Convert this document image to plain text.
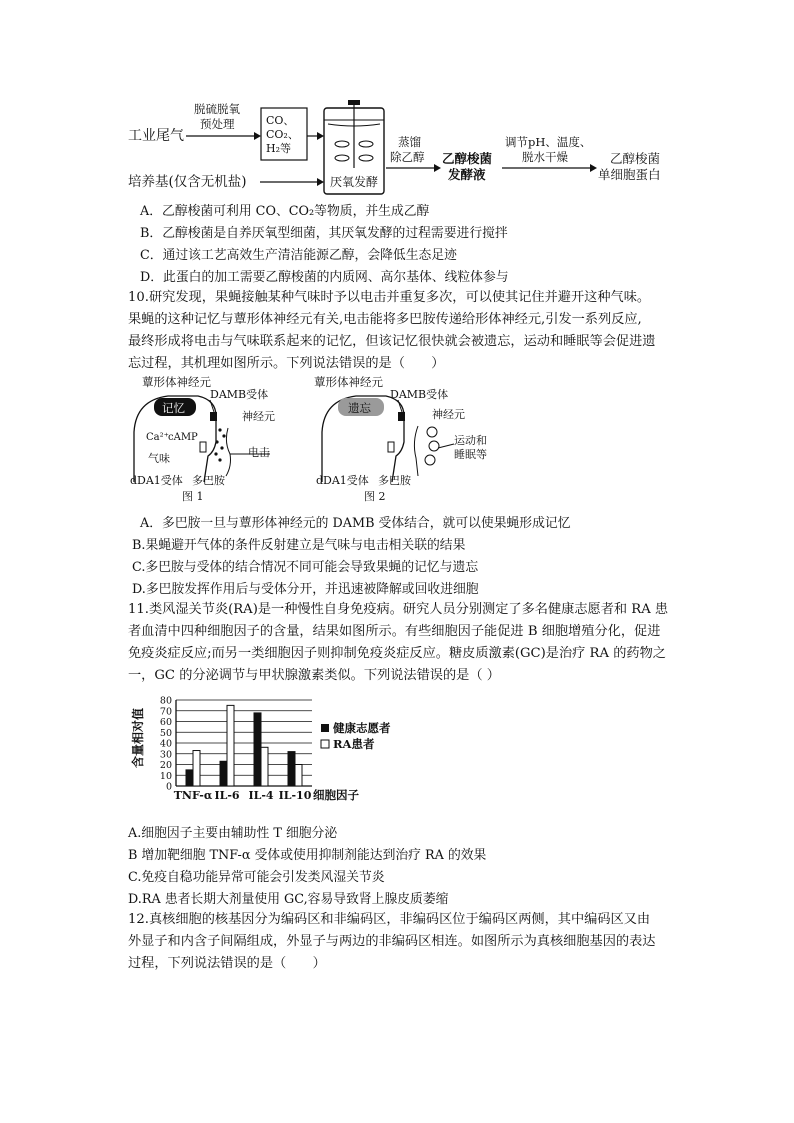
工业尾气
脱硫脱氧
预处理	CO、
CO₂、
H₂等
厌氧发酵
培养基(仅含无机盐)
蒸馏
除乙醇 乙醇梭菌
发酵液
调节pH、温度、
脱水干燥	乙醇梭菌
单细胞蛋白
A．乙醇梭菌可利用 CO、CO₂等物质，并生成乙醇
B．乙醇梭菌是自养厌氧型细菌，其厌氧发酵的过程需要进行搅拌
C．通过该工艺高效生产清洁能源乙醇，会降低生态足迹
D．此蛋白的加工需要乙醇梭菌的内质网、高尔基体、线粒体参与
10.研究发现，果蝇接触某种气味时予以电击并重复多次，可以使其记住并避开这种气味。
果蝇的这种记忆与蕈形体神经元有关,电击能将多巴胺传递给形体神经元,引发一系列反应,
最终形成将电击与气味联系起来的记忆，但该记忆很快就会被遗忘，运动和睡眠等会促进遗
忘过程，其机理如图所示。下列说法错误的是（　　）
蕈形体神经元
记忆
DAMB受体
神经元
电击
Ca²⁺ cAMP
气味
dDA1受体 多巴胺
图 1
蕈形体神经元
遗忘
DAMB受体
神经元
运动和
睡眠等
dDA1受体 多巴胺
图 2
A．多巴胺一旦与蕈形体神经元的 DAMB 受体结合，就可以使果蝇形成记忆
B.果蝇避开气体的条件反射建立是气味与电击相关联的结果
C.多巴胺与受体的结合情况不同可能会导致果蝇的记忆与遗忘
D.多巴胺发挥作用后与受体分开，并迅速被降解或回收进细胞
11.类风湿关节炎(RA)是一种慢性自身免疫病。研究人员分别测定了多名健康志愿者和 RA 患
者血清中四种细胞因子的含量，结果如图所示。有些细胞因子能促进 B 细胞增殖分化，促进
免疫炎症反应;而另一类细胞因子则抑制免疫炎症反应。糖皮质激素(GC)是治疗 RA 的药物之
一，GC 的分泌调节与甲状腺激素类似。下列说法错误的是（ ）
含量相对值
0
10
20
30
40
50
60
70
80
TNF-α IL-6 IL-4 IL-10 细胞因子
健康志愿者
RA患者
A.细胞因子主要由辅助性 T 细胞分泌
B 增加靶细胞 TNF-α 受体或使用抑制剂能达到治疗 RA 的效果
C.免疫自稳功能异常可能会引发类风湿关节炎
D.RA 患者长期大剂量使用 GC,容易导致肾上腺皮质萎缩
12.真核细胞的核基因分为编码区和非编码区，非编码区位于编码区两侧，其中编码区又由
外显子和内含子间隔组成，外显子与两边的非编码区相连。如图所示为真核细胞基因的表达
过程，下列说法错误的是（　　）
